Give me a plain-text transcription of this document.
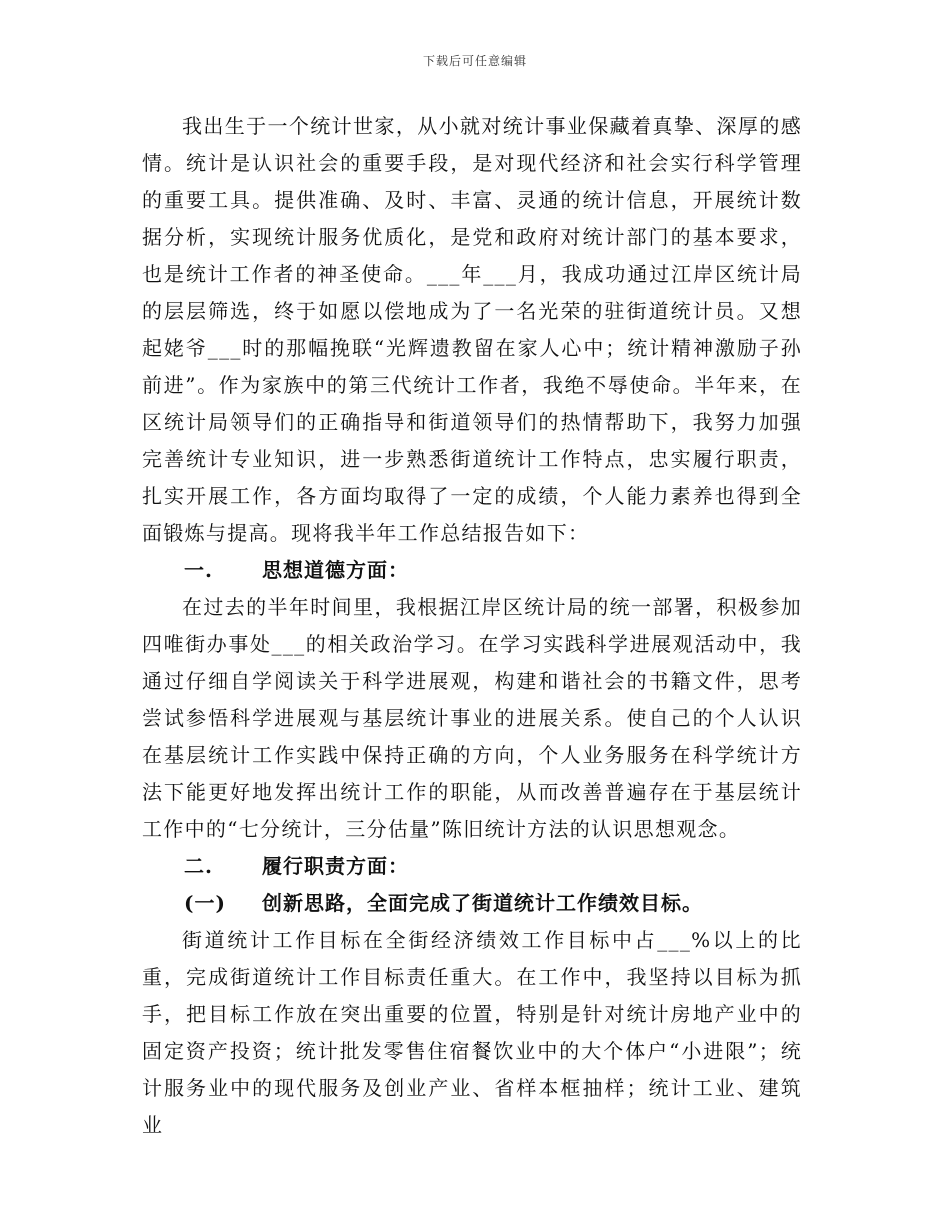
下载后可任意编辑

我出生于一个统计世家，从小就对统计事业保藏着真挚、深厚的感情。统计是认识社会的重要手段，是对现代经济和社会实行科学管理的重要工具。提供准确、及时、丰富、灵通的统计信息，开展统计数据分析，实现统计服务优质化，是党和政府对统计部门的基本要求，也是统计工作者的神圣使命。___年___月，我成功通过江岸区统计局的层层筛选，终于如愿以偿地成为了一名光荣的驻街道统计员。又想起姥爷___时的那幅挽联“光辉遗教留在家人心中；统计精神激励子孙前进”。作为家族中的第三代统计工作者，我绝不辱使命。半年来，在区统计局领导们的正确指导和街道领导们的热情帮助下，我努力加强完善统计专业知识，进一步熟悉街道统计工作特点，忠实履行职责，扎实开展工作，各方面均取得了一定的成绩，个人能力素养也得到全面锻炼与提高。现将我半年工作总结报告如下：

一. 思想道德方面：

在过去的半年时间里，我根据江岸区统计局的统一部署，积极参加四唯街办事处___的相关政治学习。在学习实践科学进展观活动中，我通过仔细自学阅读关于科学进展观，构建和谐社会的书籍文件，思考尝试参悟科学进展观与基层统计事业的进展关系。使自己的个人认识在基层统计工作实践中保持正确的方向，个人业务服务在科学统计方法下能更好地发挥出统计工作的职能，从而改善普遍存在于基层统计工作中的“七分统计，三分估量”陈旧统计方法的认识思想观念。

二. 履行职责方面：

(一) 创新思路，全面完成了街道统计工作绩效目标。

街道统计工作目标在全街经济绩效工作目标中占___%以上的比重，完成街道统计工作目标责任重大。在工作中，我坚持以目标为抓手，把目标工作放在突出重要的位置，特别是针对统计房地产业中的固定资产投资；统计批发零售住宿餐饮业中的大个体户“小进限”；统计服务业中的现代服务及创业产业、省样本框抽样；统计工业、建筑业
